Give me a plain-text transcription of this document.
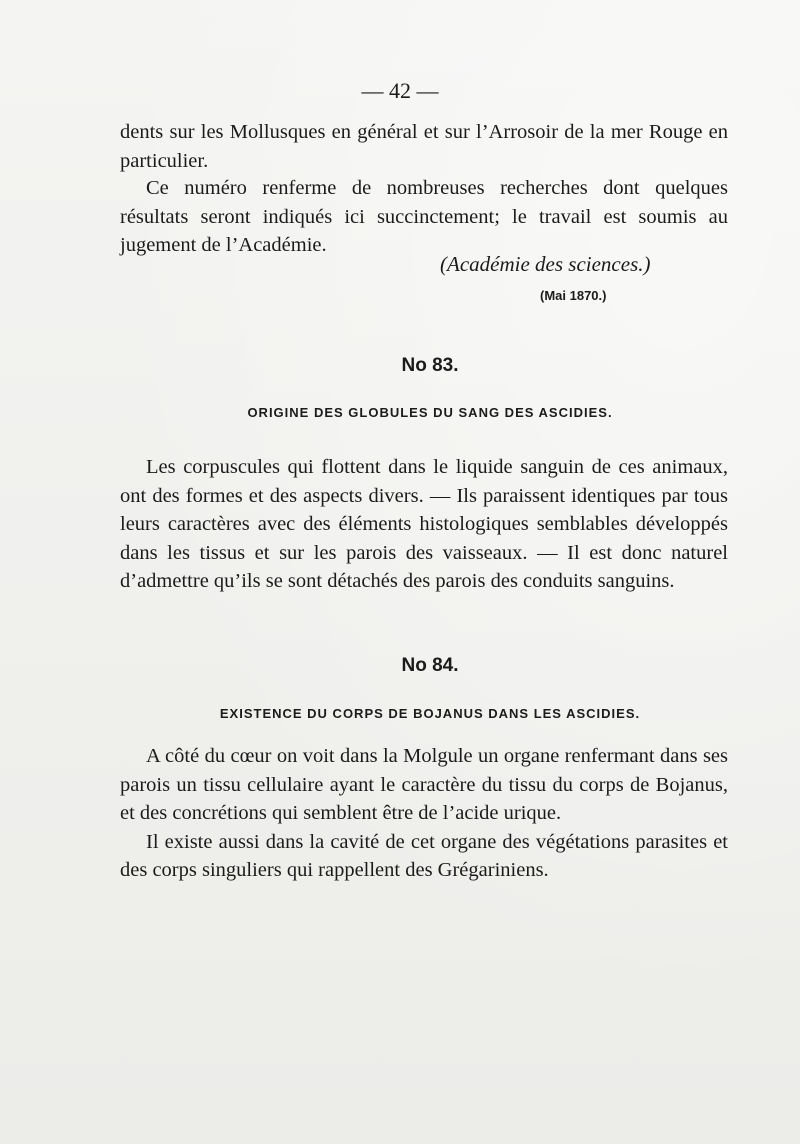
— 42 —

dents sur les Mollusques en général et sur l’Arrosoir de la mer Rouge en particulier.

Ce numéro renferme de nombreuses recherches dont quelques résultats seront indiqués ici succinctement; le travail est soumis au jugement de l’Académie.

(Académie des sciences.)
(Mai 1870.)
No 83.
ORIGINE DES GLOBULES DU SANG DES ASCIDIES.

Les corpuscules qui flottent dans le liquide sanguin de ces animaux, ont des formes et des aspects divers. — Ils paraissent identiques par tous leurs caractères avec des éléments histologiques semblables développés dans les tissus et sur les parois des vaisseaux. — Il est donc naturel d’admettre qu’ils se sont détachés des parois des conduits sanguins.

No 84.
EXISTENCE DU CORPS DE BOJANUS DANS LES ASCIDIES.

A côté du cœur on voit dans la Molgule un organe renfermant dans ses parois un tissu cellulaire ayant le caractère du tissu du corps de Bojanus, et des concrétions qui semblent être de l’acide urique.

Il existe aussi dans la cavité de cet organe des végétations parasites et des corps singuliers qui rappellent des Grégariniens.
